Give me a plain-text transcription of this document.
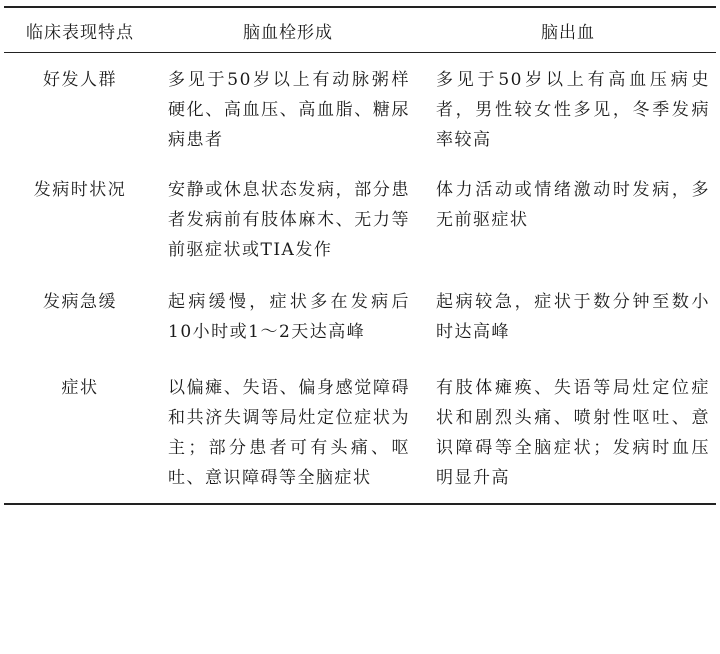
临床表现特点	脑血栓形成	脑出血
好发人群	多见于50岁以上有动脉粥样硬化、高血压、高血脂、糖尿病患者	多见于50岁以上有高血压病史者，男性较女性多见，冬季发病率较高

发病时状况	安静或休息状态发病，部分患者发病前有肢体麻木、无力等前驱症状或TIA发作	体力活动或情绪激动时发病，多无前驱症状

发病急缓	起病缓慢，症状多在发病后10小时或1～2天达高峰	起病较急，症状于数分钟至数小时达高峰

症状	以偏瘫、失语、偏身感觉障碍和共济失调等局灶定位症状为主；部分患者可有头痛、呕吐、意识障碍等全脑症状	有肢体瘫痪、失语等局灶定位症状和剧烈头痛、喷射性呕吐、意识障碍等全脑症状；发病时血压明显升高
